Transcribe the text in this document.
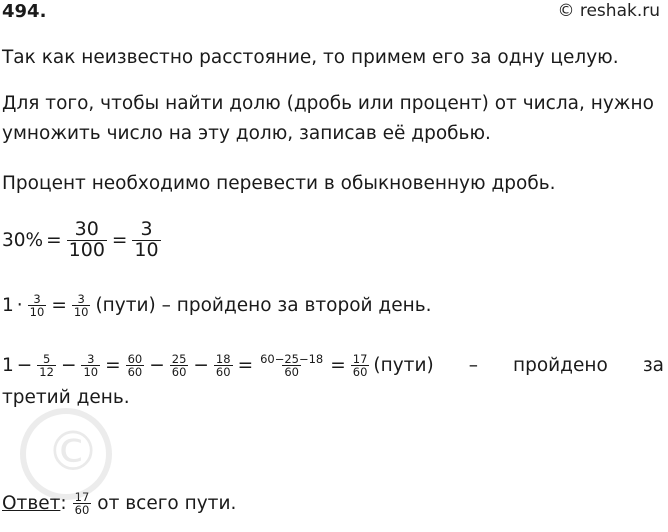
494.	© reshak.ru
Так как неизвестно расстояние, то примем его за одну целую.
Для того, чтобы найти долю (дробь или процент) от числа, нужно
умножить число на эту долю, записав её дробью.
Процент необходимо перевести в обыкновенную дробь.
$30\% = \frac{30}{100} = \frac{3}{10}$
$1 \cdot \frac{3}{10} = \frac{3}{10}$ (пути) – пройдено за второй день.
$1 - \frac{5}{12} - \frac{3}{10} = \frac{60}{60} - \frac{25}{60} - \frac{18}{60} = \frac{60-25-18}{60} = \frac{17}{60}$ (пути) – пройдено за
третий день.
Ответ : $\frac{17}{60}$ от всего пути.
©
